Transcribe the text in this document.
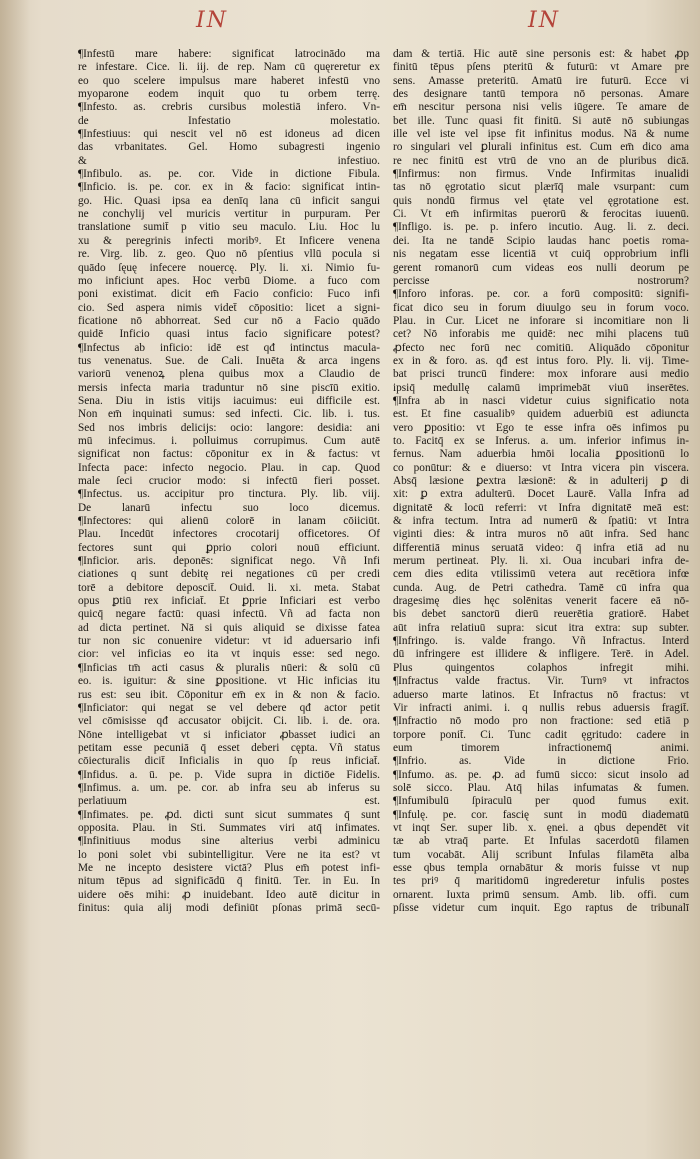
IN	IN
¶Infestū mare habere: significat latrocinādo ma
re infestare. Cice. li. iij. de rep. Nam cū quęreretur ex
eo quo scelere impulsus mare haberet infestū vno
myoparone eodem inquit quo tu orbem terrę.
¶Infesto. as. crebris cursibus molestiā infero. Vn-
de Infestatio molestatio.
¶Infestiuus: qui nescit vel nō est idoneus ad dicen
das vrbanitates. Gel. Homo subagresti ingenio
& infestiuo.
¶Infibulo. as. pe. cor. Vide in dictione Fibula.
¶Inficio. is. pe. cor. ex in & facio: significat intin-
go. Hic. Quasi ipsa ea denīq lana cū inficit sangui
ne conchylij vel muricis vertitur in purpuram. Per
translatione sumit̄ p vitio seu maculo. Liu. Hoc lu
xu & peregrinis infecti moribꝰ. Et Inficere venena
re. Virg. lib. z. geo. Quo nō pſentius vllū pocula si
quādo ſęuę infecere nouercę. Ply. li. xi. Nimio fu-
mo inficiunt apes. Hoc verbū Diome. a fuco com
poni existimat. dicit em̄ Facio conficio: Fuco infi
cio. Sed aspera nimis videt̄ cōpositio: licet a signi-
ficatione nō abhorreat. Sed cur nō a Facio quādo
quidē Inficio quasi intus facio significare potest?
¶Infectus ab inficio: idē est qđ intinctus macula-
tus venenatus. Sue. de Cali. Inuēta & arca ingens
variorū venenoꝝ plena quibus mox a Claudio de
mersis infecta maria traduntur nō sine piscīū exitio.
Sena. Diu in istis vitijs iacuimus: eui difficile est.
Non em̄ inquinati sumus: sed infecti. Cic. lib. i. tus.
Sed nos imbris delicijs: ocio: langore: desidia: ani
mū infecimus. i. polluimus corrupimus. Cum autē
significat non factus: cōponitur ex in & factus: vt
Infecta pace: infecto negocio. Plau. in cap. Quod
male ſeci crucior modo: si infectū fieri posset.
¶Infectus. us. accipitur pro tinctura. Ply. lib. viij.
De lanarū infectu suo loco dicemus.
¶Infectores: qui alienū colorē in lanam cōiiciūt.
Plau. Incedūt infectores crocotarij officetores. Of
fectores sunt qui ꝑprio colori nouū efficiunt.
¶Inficior. aris. deponēs: significat nego. Vñ Infi
ciationes q sunt debitę rei negationes cū per credi
torē a debitore deposcit̄. Ouid. li. xi. meta. Stabat
opus ꝑtiū rex inficiat̄. Et ꝑprie Inficiari est verbo
quicq̄ negare factū: quasi infectū. Vñ ad facta non
ad dicta pertinet. Nā si quis aliquid se dixisse fatea
tur non sic conuenire videtur: vt id aduersario infi
cior: vel inficias eo ita vt inquis esse: sed nego.
¶Inficias tm̄ acti casus & pluralis nūeri: & solū cū
eo. is. iguitur: & sine ꝑpositione. vt Hic inficias itu
rus est: seu ibit. Cōponitur em̄ ex in & non & facio.
¶Inficiator: qui negat se vel debere qđ actor petit
vel cōmisisse qđ accusator obijcit. Ci. lib. i. de. ora.
Nōne intelligebat vt si inficiator ꝓbasset iudici an
petitam esse pecuniā q̄ esset deberi cępta. Vñ status
cōiecturalis dicit̄ Inficialis in quo ſp reus inficiat̄.
¶Infidus. a. ū. pe. p. Vide supra in dictiōe Fidelis.
¶Infimus. a. um. pe. cor. ab infra seu ab inferus su
perlatiuum est.
¶Infimates. pe. ꝓd. dicti sunt sicut summates q̄ sunt
opposita. Plau. in Sti. Summates viri atq̄ infimates.
¶Infinitiuus modus sine alterius verbi adminicu
lo poni solet vbi subintelligitur. Vere ne ita est? vt
Me ne incepto desistere victā? Plus em̄ potest infi-
nitum tēpus ad significādū q̄ finitū. Ter. in Eu. In
uidere oēs mihi: ꝓ inuidebant. Ideo autē dicitur in
finitus: quia alij modi definiūt pſonas primā secū-
dam & tertiā. Hic autē sine personis est: & habet ꝓp
finitū tēpus pſens pteritū & futurū: vt Amare pre
sens. Amasse preteritū. Amatū ire futurū. Ecce vi
des designare tantū tempora nō personas. Amare
em̄ nescitur persona nisi velis iūgere. Te amare de
bet ille. Tunc quasi fit finitū. Si autē nō subiungas
ille vel iste vel ipse fit infinitus modus. Nā & nume
ro singulari vel ꝑlurali infinitus est. Cum em̄ dico ama
re nec finitū est vtrū de vno an de pluribus dicā.
¶Infirmus: non firmus. Vnde Infirmitas inualidi
tas nō ęgrotatio sicut plærīq̄ male vsurpant: cum
quis nondū firmus vel ętate vel ęgrotatione est.
Ci. Vt em̄ infirmitas puerorū & ferocitas iuuenū.
¶Infligo. is. pe. p. infero incutio. Aug. li. z. deci.
dei. Ita ne tandē Scipio laudas hanc poetis roma-
nis negatam esse licentiā vt cuiq̄ opprobrium infli
gerent romanorū cum videas eos nulli deorum pe
percisse nostrorum?
¶Inforo inforas. pe. cor. a forū compositū: signifi-
ficat dico seu in forum diuulgo seu in forum voco.
Plau. in Cur. Licet ne inforare si incomitiare non li
cet? Nō inforabis me quidē: nec mihi placens tuū
ꝓfecto nec forū nec comitiū. Aliquādo cōponitur
ex in & foro. as. qđ est intus foro. Ply. li. vij. Time-
bat prisci truncū findere: mox inforare ausi medio
ipsiq̄ medullę calamū imprimebāt viuū inserētes.
¶Infra ab in nasci videtur cuius significatio nota
est. Et fine casualibꝰ quidem aduerbiū est adiuncta
vero ꝑpositio: vt Ego te esse infra oēs infimos pu
to. Facitq̄ ex se Inferus. a. um. inferior infimus in-
fernus. Nam aduerbia hmōi localia ꝑpositionū lo
co ponūtur: & e diuerso: vt Intra vicera pin viscera.
Absq̄ læsione ꝑextra læsionē: & in adulterij ꝑ di
xit: ꝑ extra adulterū. Docet Laurē. Valla Infra ad
dignitatē & locū referri: vt Infra dignitatē meā est:
& infra tectum. Intra ad numerū & ſpatiū: vt Intra
viginti dies: & intra muros nō aūt infra. Sed hanc
differentiā minus seruatā video: q̄ infra etiā ad nu
merum pertineat. Ply. li. xi. Oua incubari infra de-
cem dies edita vtilissimū vetera aut recētiora infœ
cunda. Aug. de Petri cathedra. Tamē cū infra qua
dragesimę dies hęc solēnitas venerit facere eā nō-
bis debet sanctorū dierū reuerētia gratiorē. Habet
aūt infra relatiuū supra: sicut itra extra: sup subter.
¶Infringo. is. valde frango. Vñ Infractus. Interd̄
dū infringere est illidere & infligere. Terē. in Adel.
Plus quingentos colaphos infregit mihi.
¶Infractus valde fractus. Vir. Turnꝰ vt infractos
aduerso marte latinos. Et Infractus nō fractus: vt
Vir infracti animi. i. q nullis rebus aduersis fragit̄.
¶Infractio nō modo pro non fractione: sed etiā p
torpore ponit̄. Ci. Tunc cadit ęgritudo: cadere in
eum timorem infractionemq̄ animi.
¶Infrio. as. Vide in dictione Frio.
¶Infumo. as. pe. ꝓ. ad fumū sicco: sicut insolo ad
solē sicco. Plau. Atq̄ hilas infumatas & fumen.
¶Infumibulū ſpiraculū per quod fumus exit.
¶Infulę. pe. cor. fascię sunt in modū diadematū
vt inqt Ser. super lib. x. ęnei. a qbus dependēt vit
tæ ab vtraq̄ parte. Et Infulas sacerdotū filamen
tum vocabāt. Alij scribunt Infulas filamēta alba
esse qbus templa ornabātur & moris fuisse vt nup
tes priꝰ q̄ maritidomū ingrederetur infulis postes
ornarent. Iuxta primū sensum. Amb. lib. offi. cum
pſisse videtur cum inquit. Ego raptus de tribunalī
